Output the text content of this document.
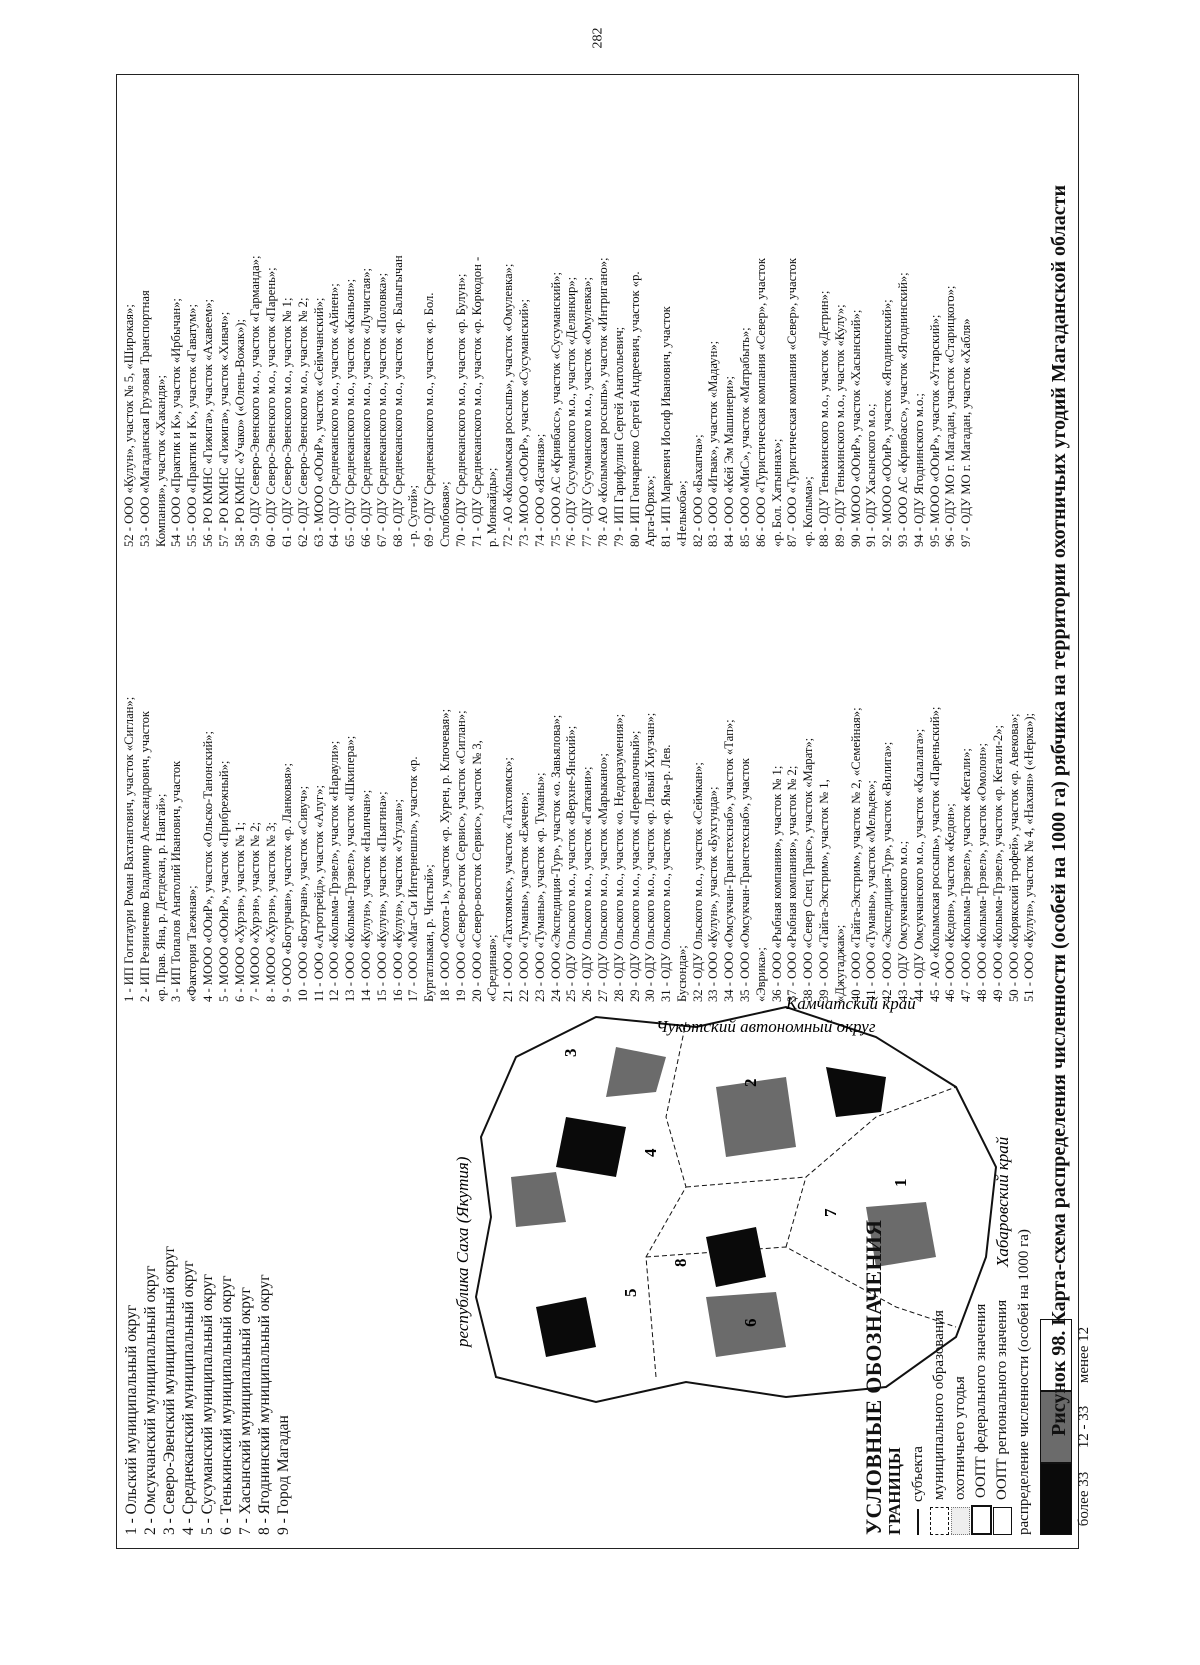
282
1 - Ольский муниципальный округ 2 - Омсукчанский муниципальный округ 3 - Северо-Эвенский муниципальный округ 4 - Среднеканский муниципальный округ 5 - Сусуманский муниципальный округ 6 - Тенькинский муниципальный округ 7 - Хасынский муниципальный округ 8 - Ягоднинский муниципальный округ 9 - Город Магадан
республика Саха (Якутия)	Хабаровский край
Чукотский автономный округ
Камчатский край
1
2
3
4
5
6
7
8	УСЛОВНЫЕ ОБОЗНАЧЕНИЯ ГРАНИЦЫ субъекта муниципального образования охотничьего угодья ООПТ федерального значения ООПТ регионального значения распределение численности (особей на 1000 га)	более 33
12 - 33
менее 12
1 - ИП Гогитаури Роман Вахтангович, участок «Сиглан»; 2 - ИП Резниченко Владимир Александрович, участок «р. Прав. Яна, р. Детдекан, р. Наягай»; 3 - ИП Топалов Анатолий Иванович, участок «Фактория Таежная»; 4 - МООО «ООиР», участок «Ольско-Танонский»; 5 - МООО «ООиР», участок «Прибрежный»; 6 - МООО «Хурэн», участок № 1; 7 - МООО «Хурэн», участок № 2; 8 - МООО «Хурэн», участок № 3; 9 - ООО «Богурчан», участок «р. Ланковая»; 10 - ООО «Богурчан», участок «Сивуч»; 11 - ООО «Агротрейд», участок «Алуг»; 12 - ООО «Колыма-Трэвел», участок «Нараули»; 13 - ООО «Колыма-Трэвел», участок «Шкипера»; 14 - ООО «Кулун», участок «Наличан»; 15 - ООО «Кулун», участок «Пьягина»; 16 - ООО «Кулун», участок «Угулан»; 17 - ООО «Маг-Си Интернешнл», участок «р. Бургаглыкан, р. Чистый»; 18 - ООО «Охота-1», участок «р. Хурен, р. Ключевая»; 19 - ООО «Северо-восток Сервис», участок «Сиглан»; 20 - ООО «Северо-восток Сервис», участок № 3, «Срединая»; 21 - ООО «Тахтоямск», участок «Тахтоямск»; 22 - ООО «Туманы», участок «Ежчен»; 23 - ООО «Туманы», участок «р. Туманы»; 24 - ООО «Экспедиция-Тур», участок «о. Завьялова»; 25 - ОДУ Ольского м.о., участок «Верхне-Янский»; 26 - ОДУ Ольского м.о., участок «Гаткани»; 27 - ОДУ Ольского м.о., участок «Марыкано»; 28 - ОДУ Ольского м.о., участок «о. Недоразумения»; 29 - ОДУ Ольского м.о., участок «Перевалочный»; 30 - ОДУ Ольского м.о., участок «р. Левый Хиузчан»; 31 - ОДУ Ольского м.о., участок «р. Яма-р. Лев. Бусюнда»; 32 - ОДУ Ольского м.о., участок «Сеймкан»; 33 - ООО «Кулун», участок «Бухгунда»; 34 - ООО «Омсукчан-Транстехснаб», участок «Тап»; 35 - ООО «Омсукчан-Транстехснаб», участок «Эврика»; 36 - ООО «Рыбная компания», участок № 1; 37 - ООО «Рыбная компания», участок № 2; 38 - ООО «Север Спец Транс», участок «Марат»; 39 - ООО «Тайга-Экстрим», участок № 1, «Джугаджак»; 40 - ООО «Тайга-Экстрим», участок № 2, «Семейная»; 41 - ООО «Туманы», участок «Мельдек»; 42 - ООО «Экспедиция-Тур», участок «Вилига»; 43 - ОДУ Омсукчанского м.о.; 44 - ОДУ Омсукчанского м.о., участок «Калалага»; 45 - АО «Колымская россыпь», участок «Пареньский»; 46 - ООО «Кедон», участок «Кедон»; 47 - ООО «Колыма-Трэвел», участок «Кегали»; 48 - ООО «Колыма-Трэвел», участок «Омолон»; 49 - ООО «Колыма-Трэвел», участок «р. Кегали-2»; 50 - ООО «Корякский трофей», участок «р. Авекова»; 51 - ООО «Кулун», участок № 4, «Нахаян» («Нерка»);
52 - ООО «Кулун», участок № 5, «Широкая»; 53 - ООО «Магаданская Грузовая Транспортная Компания», участок «Хакандя»; 54 - ООО «Практик и К», участок «Ирбычан»; 55 - ООО «Практик и К», участок «Гаватум»; 56 - РО КМНС «Гижига», участок «Ахавеем»; 57 - РО КМНС «Гижига», участок «Хивач»; 58 - РО КМНС «Учако» («Олень-Вожак»); 59 - ОДУ Северо-Эвенского м.о., участок «Гарманда»; 60 - ОДУ Северо-Эвенского м.о., участок «Парень»; 61 - ОДУ Северо-Эвенского м.о., участок № 1; 62 - ОДУ Северо-Эвенского м.о., участок № 2; 63 - МООО «ООиР», участок «Сеймчанский»; 64 - ОДУ Среднеканского м.о., участок «Айнен»; 65 - ОДУ Среднеканского м.о., участок «Каньон»; 66 - ОДУ Среднеканского м.о., участок «Лучистая»; 67 - ОДУ Среднеканского м.о., участок «Половка»; 68 - ОДУ Среднеканского м.о., участок «р. Балыгычан - р. Сугой»; 69 - ОДУ Среднеканского м.о., участок «р. Бол. Столбовая»; 70 - ОДУ Среднеканского м.о., участок «р. Булун»; 71 - ОДУ Среднеканского м.о., участок «р. Коркодон - р. Монкайды»; 72 - АО «Колымская россыпь», участок «Омулевка»; 73 - МООО «ООиР», участок «Сусуманский»; 74 - ООО «Ясачная»; 75 - ООО АС «Кривбасс», участок «Сусуманский»; 76 - ОДУ Сусуманского м.о., участок «Делянкир»; 77 - ОДУ Сусуманского м.о., участок «Омулевка»; 78 - АО «Колымская россыпь», участок «Интригано»; 79 - ИП Гарифулин Сергей Анатольевич; 80 - ИП Гончаренко Сергей Андреевич, участок «р. Арга-Юрях»; 81 - ИП Маркевич Иосиф Иванович, участок «Нелькоба»; 82 - ООО «Бахапча»; 83 - ООО «Игвак», участок «Мадаун»; 84 - ООО «Кей Эм Машинери»; 85 - ООО «МиС», участок «Матрабыть»; 86 - ООО «Туристическая компания «Север», участок «р. Бол. Хатыннах»; 87 - ООО «Туристическая компания «Север», участок «р. Колыма»; 88 - ОДУ Тенькинского м.о., участок «Детрин»; 89 - ОДУ Тенькинского м.о., участок «Кулу»; 90 - МООО «ООиР», участок «Хасынский»; 91 - ОДУ Хасынского м.о.; 92 - МООО «ООиР», участок «Ягоднинский»; 93 - ООО АС «Кривбасс», участок «Ягоднинский»; 94 - ОДУ Ягоднинского м.о.; 95 - МООО «ООиР», участок «Угтарский»; 96 - ОДУ МО г. Магадан, участок «Старицкого»; 97 - ОДУ МО г. Магадан, участок «Хабля»	Рисунок 98. Карта-схема распределения численности (особей на 1000 га) рябчика на территории охотничьих угодий Магаданской области
